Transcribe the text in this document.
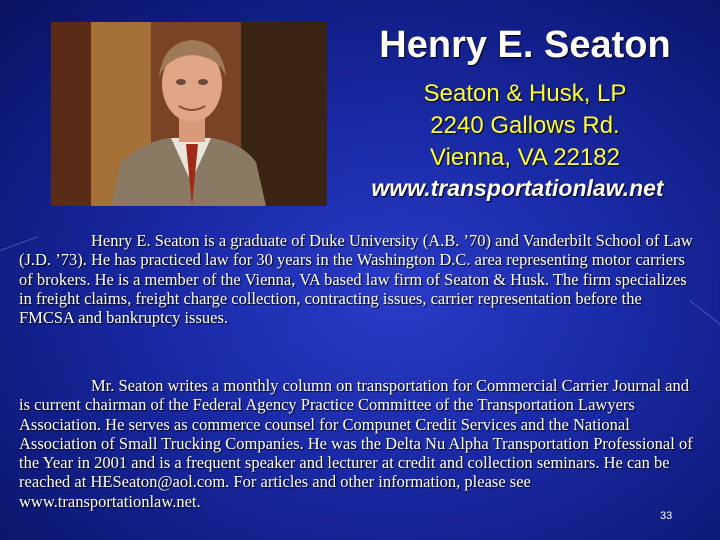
Henry E. Seaton
Seaton & Husk, LP
2240 Gallows Rd.
Vienna, VA 22182
www.transportationlaw.net

Henry E. Seaton is a graduate of Duke University (A.B. ’70) and Vanderbilt School of Law (J.D. ’73). He has practiced law for 30 years in the Washington D.C. area representing motor carriers of brokers. He is a member of the Vienna, VA based law firm of Seaton & Husk. The firm specializes in freight claims, freight charge collection, contracting issues, carrier representation before the FMCSA and bankruptcy issues.

Mr. Seaton writes a monthly column on transportation for Commercial Carrier Journal and is current chairman of the Federal Agency Practice Committee of the Transportation Lawyers Association. He serves as commerce counsel for Compunet Credit Services and the National Association of Small Trucking Companies. He was the Delta Nu Alpha Transportation Professional of the Year in 2001 and is a frequent speaker and lecturer at credit and collection seminars. He can be reached at HESeaton@aol.com. For articles and other information, please see www.transportationlaw.net.

33
